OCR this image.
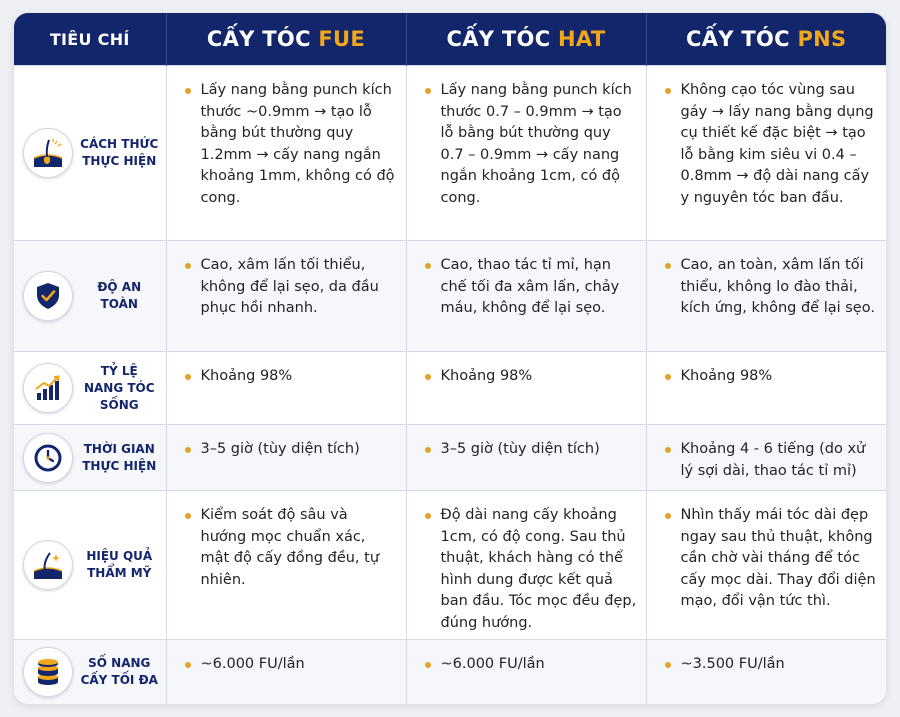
TIÊU CHÍ	CẤY TÓC FUE	CẤY TÓC HAT	CẤY TÓC PNS

CÁCH THỨC
THỰC HIỆN	Lấy nang bằng punch kích thước ~0.9mm → tạo lỗ bằng bút thường quy 1.2mm → cấy nang ngắn khoảng 1mm, không có độ cong.	Lấy nang bằng punch kích thước 0.7 – 0.9mm → tạo lỗ bằng bút thường quy 0.7 – 0.9mm → cấy nang ngắn khoảng 1cm, có độ cong.	Không cạo tóc vùng sau gáy → lấy nang bằng dụng cụ thiết kế đặc biệt → tạo lỗ bằng kim siêu vi 0.4 – 0.8mm → độ dài nang cấy y nguyên tóc ban đầu.

ĐỘ AN TOÀN	Cao, xâm lấn tối thiểu, không để lại sẹo, da đầu phục hồi nhanh.	Cao, thao tác tỉ mỉ, hạn chế tối đa xâm lấn, chảy máu, không để lại sẹo.	Cao, an toàn, xâm lấn tối thiểu, không lo đào thải, kích ứng, không để lại sẹo.

TỶ LỆ
NANG TÓC
SỐNG	Khoảng 98%	Khoảng 98%	Khoảng 98%

THỜI GIAN
THỰC HIỆN	3–5 giờ (tùy diện tích)	3–5 giờ (tùy diện tích)	Khoảng 4 - 6 tiếng (do xử lý sợi dài, thao tác tỉ mỉ)

HIỆU QUẢ
THẨM MỸ	Kiểm soát độ sâu và hướng mọc chuẩn xác, mật độ cấy đồng đều, tự nhiên.	Độ dài nang cấy khoảng 1cm, có độ cong. Sau thủ thuật, khách hàng có thể hình dung được kết quả ban đầu. Tóc mọc đều đẹp, đúng hướng.	Nhìn thấy mái tóc dài đẹp ngay sau thủ thuật, không cần chờ vài tháng để tóc cấy mọc dài. Thay đổi diện mạo, đổi vận tức thì.

SỐ NANG
CẤY TỐI ĐA	~6.000 FU/lần	~6.000 FU/lần	~3.500 FU/lần
